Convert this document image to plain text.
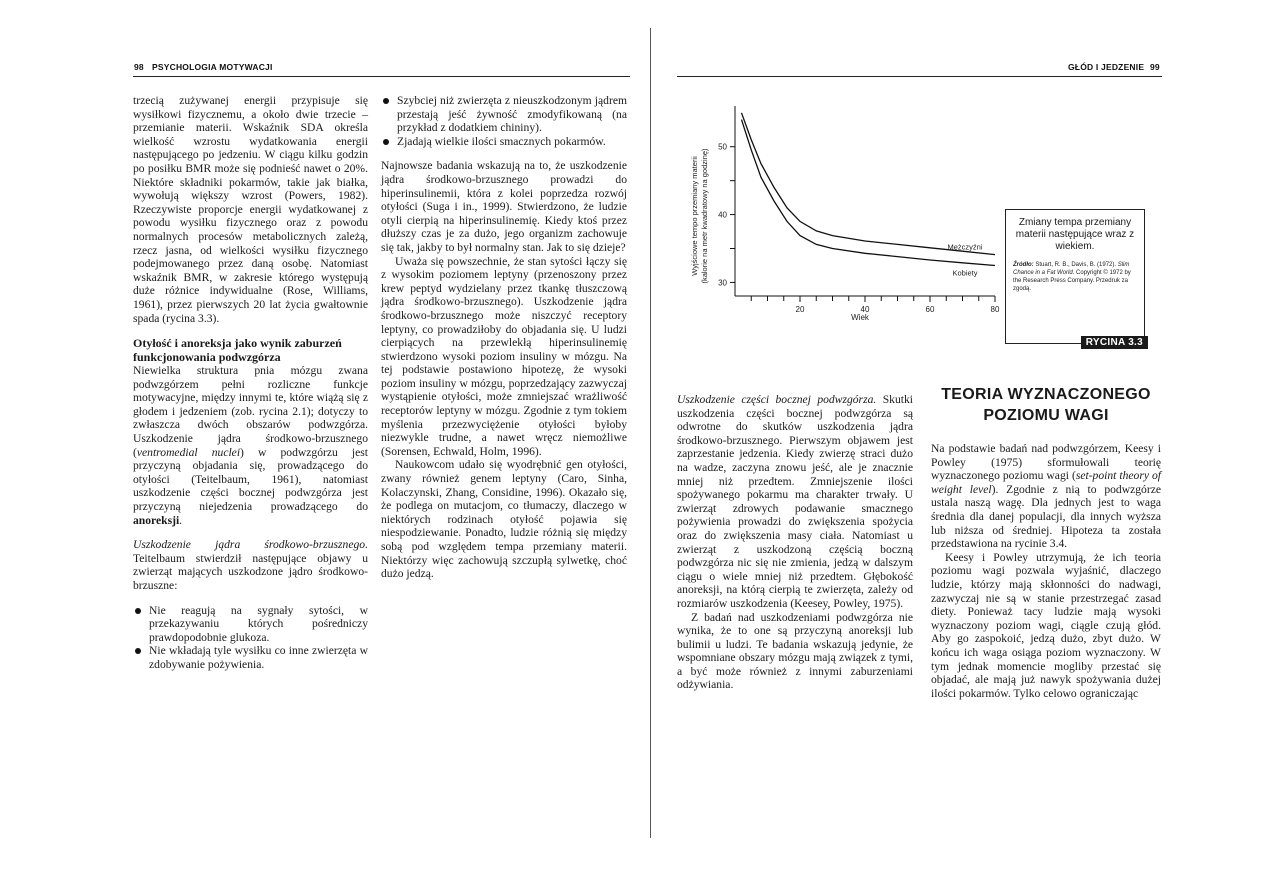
98 PSYCHOLOGIA MOTYWACJI

trzecią zużywanej energii przypisuje się wysiłkowi fizycznemu, a około dwie trzecie – przemianie materii. Wskaźnik SDA określa wielkość wzrostu wydatkowania energii następującego po jedzeniu. W ciągu kilku godzin po posiłku BMR może się podnieść nawet o 20%. Niektóre składniki pokarmów, takie jak białka, wywołują większy wzrost (Powers, 1982). Rzeczywiste proporcje energii wydatkowanej z powodu wysiłku fizycznego oraz z powodu normalnych procesów metabolicznych zależą, rzecz jasna, od wielkości wysiłku fizycznego podejmowanego przez daną osobę. Natomiast wskaźnik BMR, w zakresie którego występują duże różnice indywidualne (Rose, Williams, 1961), przez pierwszych 20 lat życia gwałtownie spada (rycina 3.3).

Otyłość i anoreksja jako wynik zaburzeń funkcjonowania podwzgórza

Niewielka struktura pnia mózgu zwana podwzgórzem pełni rozliczne funkcje motywacyjne, między innymi te, które wiążą się z głodem i jedzeniem (zob. rycina 2.1); dotyczy to zwłaszcza dwóch obszarów podwzgórza. Uszkodzenie jądra środkowo-brzusznego (ventromedial nuclei) w podwzgórzu jest przyczyną objadania się, prowadzącego do otyłości (Teitelbaum, 1961), natomiast uszkodzenie części bocznej podwzgórza jest przyczyną niejedzenia prowadzącego do anoreksji.

Uszkodzenie jądra środkowo-brzusznego. Teitelbaum stwierdził następujące objawy u zwierząt mających uszkodzone jądro środkowo-brzuszne:

Nie reagują na sygnały sytości, w przekazywaniu których pośredniczy prawdopodobnie glukoza.
Nie wkładają tyle wysiłku co inne zwierzęta w zdobywanie pożywienia.
Szybciej niż zwierzęta z nieuszkodzonym jądrem przestają jeść żywność zmodyfikowaną (na przykład z dodatkiem chininy).
Zjadają wielkie ilości smacznych pokarmów.

Najnowsze badania wskazują na to, że uszkodzenie jądra środkowo-brzusznego prowadzi do hiperinsulinemii, która z kolei poprzedza rozwój otyłości (Suga i in., 1999). Stwierdzono, że ludzie otyli cierpią na hiperinsulinemię. Kiedy ktoś przez dłuższy czas je za dużo, jego organizm zachowuje się tak, jakby to był normalny stan. Jak to się dzieje?

Uważa się powszechnie, że stan sytości łączy się z wysokim poziomem leptyny (przenoszony przez krew peptyd wydzielany przez tkankę tłuszczową jądra środkowo-brzusznego). Uszkodzenie jądra środkowo-brzusznego może niszczyć receptory leptyny, co prowadziłoby do objadania się. U ludzi cierpiących na przewlekłą hiperinsulinemię stwierdzono wysoki poziom insuliny w mózgu. Na tej podstawie postawiono hipotezę, że wysoki poziom insuliny w mózgu, poprzedzający zazwyczaj wystąpienie otyłości, może zmniejszać wrażliwość receptorów leptyny w mózgu. Zgodnie z tym tokiem myślenia przezwyciężenie otyłości byłoby niezwykle trudne, a nawet wręcz niemożliwe (Sorensen, Echwald, Holm, 1996).

Naukowcom udało się wyodrębnić gen otyłości, zwany również genem leptyny (Caro, Sinha, Kolaczynski, Zhang, Considine, 1996). Okazało się, że podlega on mutacjom, co tłumaczy, dlaczego w niektórych rodzinach otyłość pojawia się niespodziewanie. Ponadto, ludzie różnią się między sobą pod względem tempa przemiany materii. Niektórzy więc zachowują szczupłą sylwetkę, choć dużo jedzą.

GŁÓD I JEDZENIE 99
Wyjściowe tempo przemiany materii (kalorie na metr kwadratowy na godzinę) 30
40
50
20	40	60	80
Wiek
Mężczyźni
Kobiety
Zmiany tempa przemiany materii następujące wraz z wiekiem.
Źródło: Stuart, R. B., Davis, B. (1972). Slim Chance in a Fat World. Copyright © 1972 by the Research Press Company. Przedruk za zgodą.
RYCINA 3.3

Uszkodzenie części bocznej podwzgórza. Skutki uszkodzenia części bocznej podwzgórza są odwrotne do skutków uszkodzenia jądra środkowo-brzusznego. Pierwszym objawem jest zaprzestanie jedzenia. Kiedy zwierzę straci dużo na wadze, zaczyna znowu jeść, ale je znacznie mniej niż przedtem. Zmniejszenie ilości spożywanego pokarmu ma charakter trwały. U zwierząt zdrowych podawanie smacznego pożywienia prowadzi do zwiększenia spożycia oraz do zwiększenia masy ciała. Natomiast u zwierząt z uszkodzoną częścią boczną podwzgórza nic się nie zmienia, jedzą w dalszym ciągu o wiele mniej niż przedtem. Głębokość anoreksji, na którą cierpią te zwierzęta, zależy od rozmiarów uszkodzenia (Keesey, Powley, 1975).

Z badań nad uszkodzeniami podwzgórza nie wynika, że to one są przyczyną anoreksji lub bulimii u ludzi. Te badania wskazują jedynie, że wspomniane obszary mózgu mają związek z tymi, a być może również z innymi zaburzeniami odżywiania.

TEORIA WYZNACZONEGO POZIOMU WAGI

Na podstawie badań nad podwzgórzem, Keesy i Powley (1975) sformułowali teorię wyznaczonego poziomu wagi (set-point theory of weight level). Zgodnie z nią to podwzgórze ustala naszą wagę. Dla jednych jest to waga średnia dla danej populacji, dla innych wyższa lub niższa od średniej. Hipoteza ta została przedstawiona na rycinie 3.4.

Keesy i Powley utrzymują, że ich teoria poziomu wagi pozwala wyjaśnić, dlaczego ludzie, którzy mają skłonności do nadwagi, zazwyczaj nie są w stanie przestrzegać zasad diety. Ponieważ tacy ludzie mają wysoki wyznaczony poziom wagi, ciągle czują głód. Aby go zaspokoić, jedzą dużo, zbyt dużo. W końcu ich waga osiąga poziom wyznaczony. W tym jednak momencie mogliby przestać się objadać, ale mają już nawyk spożywania dużej ilości pokarmów. Tylko celowo ograniczając
